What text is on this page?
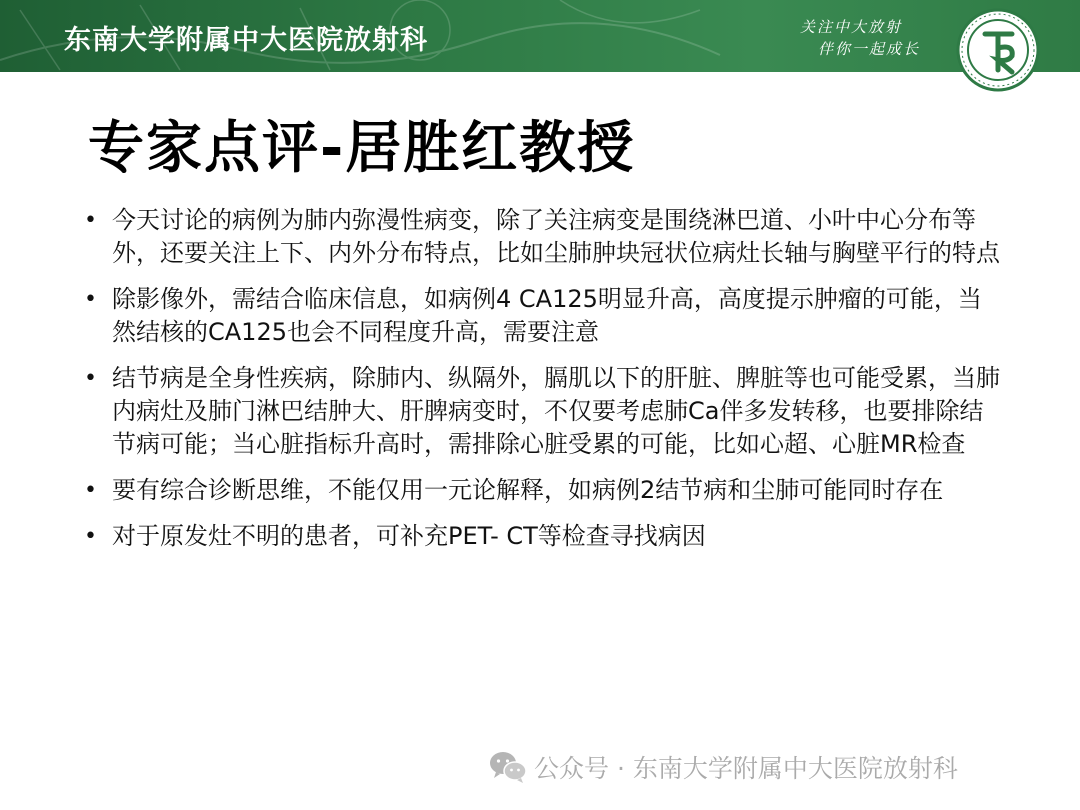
东南大学附属中大医院放射科	关注中大放射
伴你一起成长
专家点评-居胜红教授
• 今天讨论的病例为肺内弥漫性病变，除了关注病变是围绕淋巴道、小叶中心分布等外，还要关注上下、内外分布特点，比如尘肺肿块冠状位病灶长轴与胸壁平行的特点
• 除影像外，需结合临床信息，如病例4 CA125明显升高，高度提示肿瘤的可能，当然结核的CA125也会不同程度升高，需要注意
• 结节病是全身性疾病，除肺内、纵隔外，膈肌以下的肝脏、脾脏等也可能受累，当肺内病灶及肺门淋巴结肿大、肝脾病变时，不仅要考虑肺Ca伴多发转移，也要排除结节病可能；当心脏指标升高时，需排除心脏受累的可能，比如心超、心脏MR检查
• 要有综合诊断思维，不能仅用一元论解释，如病例2结节病和尘肺可能同时存在
• 对于原发灶不明的患者，可补充PET- CT等检查寻找病因
公众号 · 东南大学附属中大医院放射科
